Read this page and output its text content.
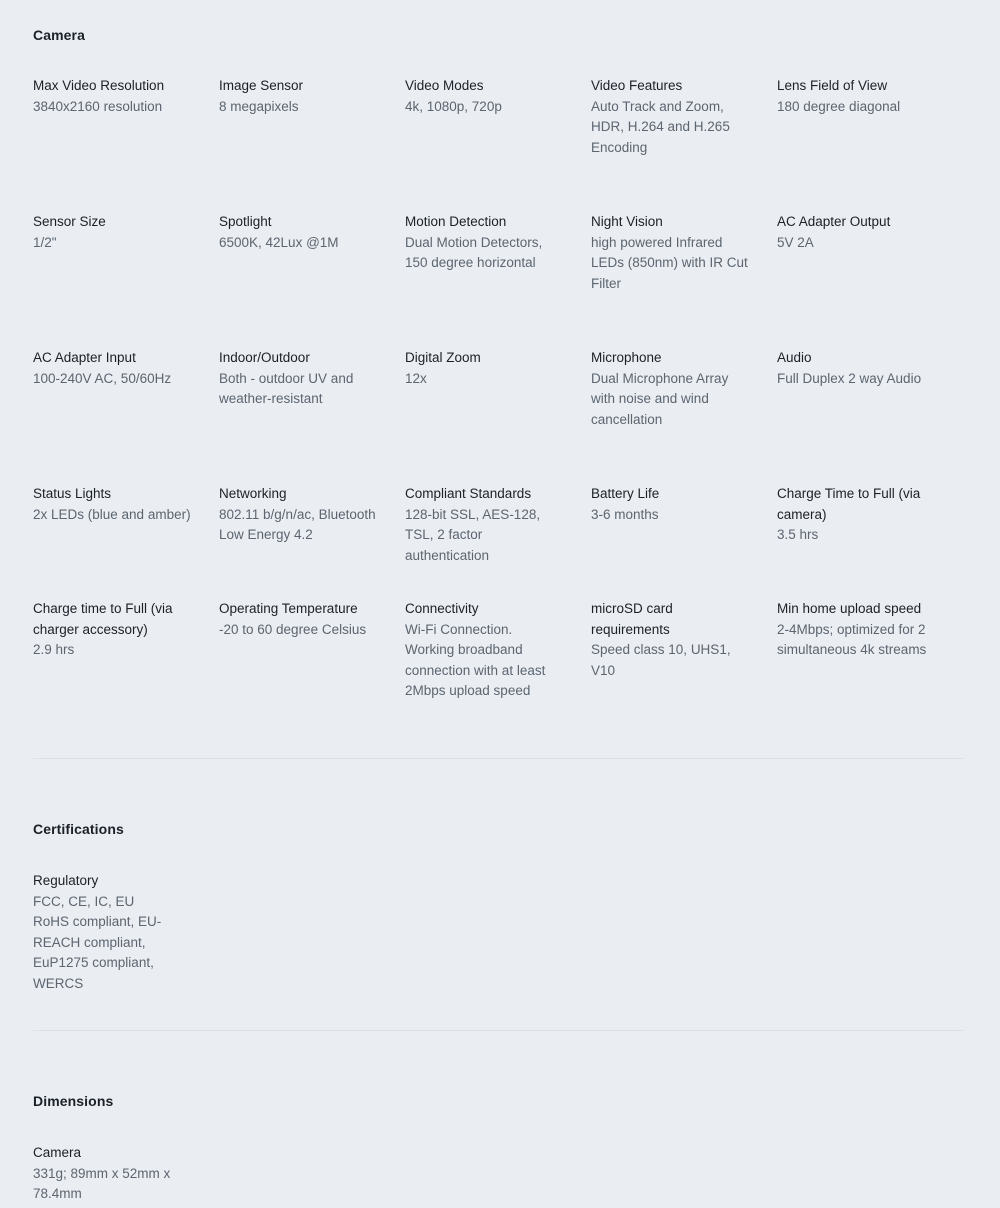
Camera
Max Video Resolution
3840x2160 resolution
Image Sensor
8 megapixels
Video Modes
4k, 1080p, 720p
Video Features
Auto Track and Zoom, HDR, H.264 and H.265 Encoding
Lens Field of View
180 degree diagonal
Sensor Size
1/2"
Spotlight
6500K, 42Lux @1M
Motion Detection
Dual Motion Detectors, 150 degree horizontal
Night Vision
high powered Infrared LEDs (850nm) with IR Cut Filter
AC Adapter Output
5V 2A
AC Adapter Input
100-240V AC, 50/60Hz
Indoor/Outdoor
Both - outdoor UV and weather-resistant
Digital Zoom
12x
Microphone
Dual Microphone Array with noise and wind cancellation
Audio
Full Duplex 2 way Audio
Status Lights
2x LEDs (blue and amber)
Networking
802.11 b/g/n/ac, Bluetooth Low Energy 4.2
Compliant Standards
128-bit SSL, AES-128, TSL, 2 factor authentication
Battery Life
3-6 months
Charge Time to Full (via camera)
3.5 hrs
Charge time to Full (via charger accessory)
2.9 hrs
Operating Temperature
-20 to 60 degree Celsius
Connectivity
Wi-Fi Connection. Working broadband connection with at least 2Mbps upload speed
microSD card requirements
Speed class 10, UHS1, V10
Min home upload speed
2-4Mbps; optimized for 2 simultaneous 4k streams
Certifications
Regulatory
FCC, CE, IC, EU RoHS compliant, EU-REACH compliant, EuP1275 compliant, WERCS
Dimensions
Camera
331g; 89mm x 52mm x 78.4mm
